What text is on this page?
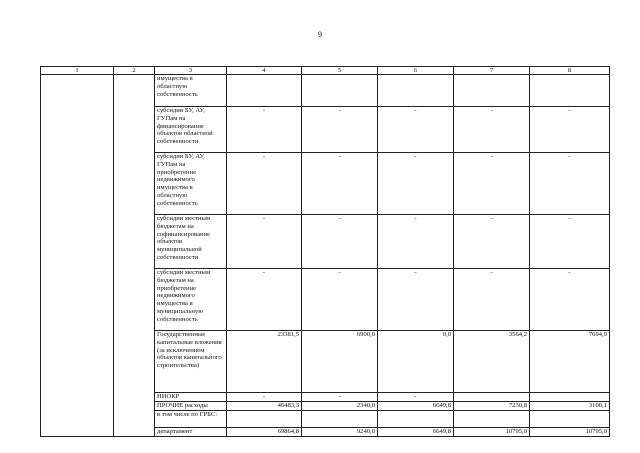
9
1	2	3	4	5	6	7	8
		имущества в областную собственность					
		субсидии БУ, АУ, ГУПам на финансирование объектов областной собственности	-	-	-	-	-
		субсидии БУ, АУ, ГУПам на приобретение недвижимого имущества в областную собственность	-	-	-	-	-
		субсидии местным бюджетам на софинансирование объектов муниципальной собственности	-	-	-	-	-
		субсидии местным бюджетам на приобретение недвижимого имущества в муниципальную собственность	-	-	-	-	-
		Государственные капитальные вложения (за исключением объектов капитального строительства)	23381,5	6900,0	0,0	3564,2	7694,9
		НИОКР	-	-	-		
		ПРОЧИЕ расходы	46483,3	2340,0	6649,8	7230,8	3100,1
		в том числе по ГРБС:					
		департамент	69864,8	9240,0	6649,8	10795,0	10795,0
